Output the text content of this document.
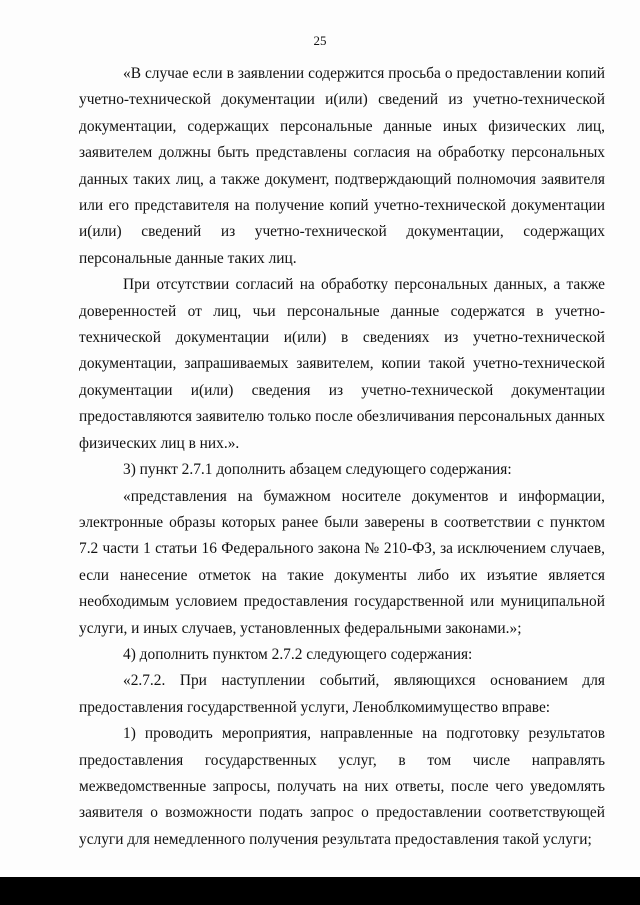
25

«В случае если в заявлении содержится просьба о предоставлении копий учетно-технической документации и(или) сведений из учетно-технической документации, содержащих персональные данные иных физических лиц, заявителем должны быть представлены согласия на обработку персональных данных таких лиц, а также документ, подтверждающий полномочия заявителя или его представителя на получение копий учетно-технической документации и(или) сведений из учетно-технической документации, содержащих персональные данные таких лиц.

При отсутствии согласий на обработку персональных данных, а также доверенностей от лиц, чьи персональные данные содержатся в учетно-технической документации и(или) в сведениях из учетно-технической документации, запрашиваемых заявителем, копии такой учетно-технической документации и(или) сведения из учетно-технической документации предоставляются заявителю только после обезличивания персональных данных физических лиц в них.».

3) пункт 2.7.1 дополнить абзацем следующего содержания:

«представления на бумажном носителе документов и информации, электронные образы которых ранее были заверены в соответствии с пунктом 7.2 части 1 статьи 16 Федерального закона № 210-ФЗ, за исключением случаев, если нанесение отметок на такие документы либо их изъятие является необходимым условием предоставления государственной или муниципальной услуги, и иных случаев, установленных федеральными законами.»;

4) дополнить пунктом 2.7.2 следующего содержания:

«2.7.2. При наступлении событий, являющихся основанием для предоставления государственной услуги, Леноблкомимущество вправе:

1) проводить мероприятия, направленные на подготовку результатов предоставления государственных услуг, в том числе направлять межведомственные запросы, получать на них ответы, после чего уведомлять заявителя о возможности подать запрос о предоставлении соответствующей услуги для немедленного получения результата предоставления такой услуги;
